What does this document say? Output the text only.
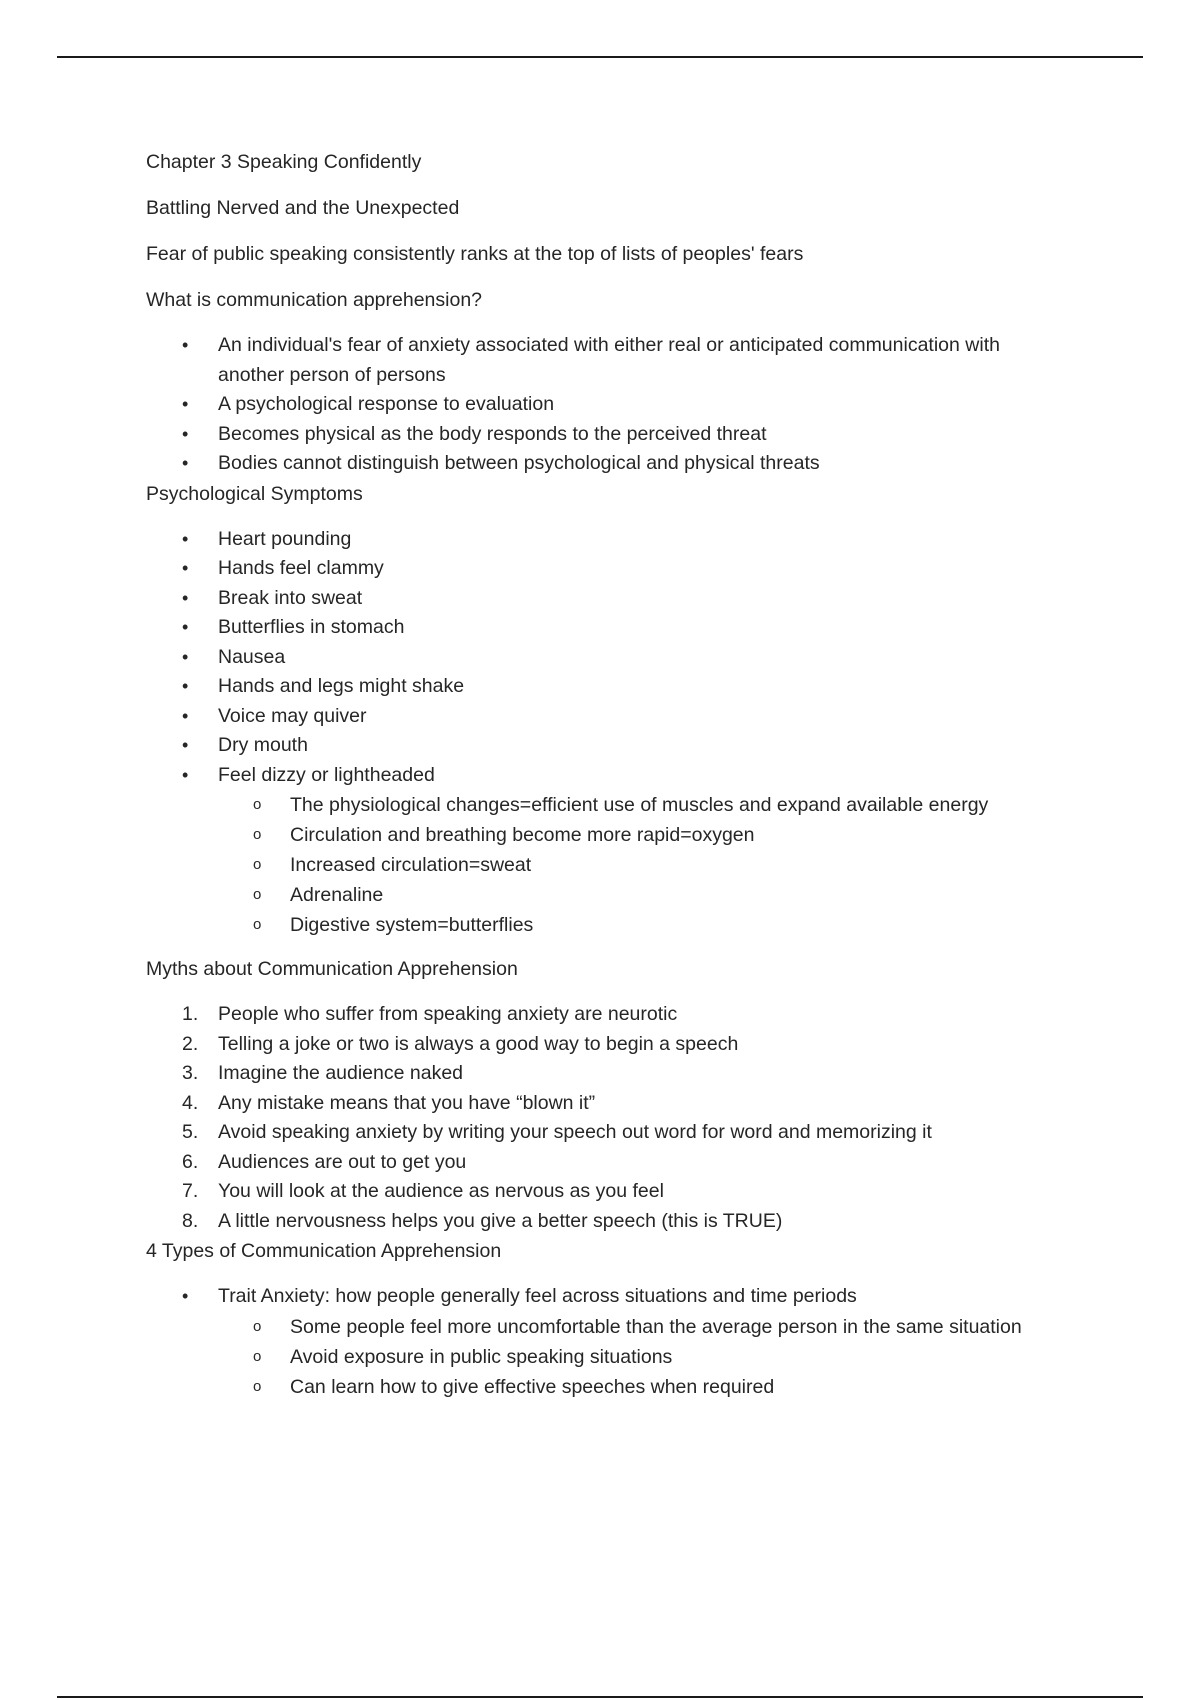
Chapter 3 Speaking Confidently

Battling Nerved and the Unexpected

Fear of public speaking consistently ranks at the top of lists of peoples' fears

What is communication apprehension?

• An individual's fear of anxiety associated with either real or anticipated communication with
another person of persons
• A psychological response to evaluation
• Becomes physical as the body responds to the perceived threat
• Bodies cannot distinguish between psychological and physical threats

Psychological Symptoms

• Heart pounding
• Hands feel clammy
• Break into sweat
• Butterflies in stomach
• Nausea
• Hands and legs might shake
• Voice may quiver
• Dry mouth
• Feel dizzy or lightheaded
o The physiological changes=efficient use of muscles and expand available energy
o Circulation and breathing become more rapid=oxygen
o Increased circulation=sweat
o Adrenaline
o Digestive system=butterflies

Myths about Communication Apprehension

1. People who suffer from speaking anxiety are neurotic
2. Telling a joke or two is always a good way to begin a speech
3. Imagine the audience naked
4. Any mistake means that you have “blown it”
5. Avoid speaking anxiety by writing your speech out word for word and memorizing it
6. Audiences are out to get you
7. You will look at the audience as nervous as you feel
8. A little nervousness helps you give a better speech (this is TRUE)

4 Types of Communication Apprehension

• Trait Anxiety: how people generally feel across situations and time periods
o Some people feel more uncomfortable than the average person in the same situation
o Avoid exposure in public speaking situations
o Can learn how to give effective speeches when required
